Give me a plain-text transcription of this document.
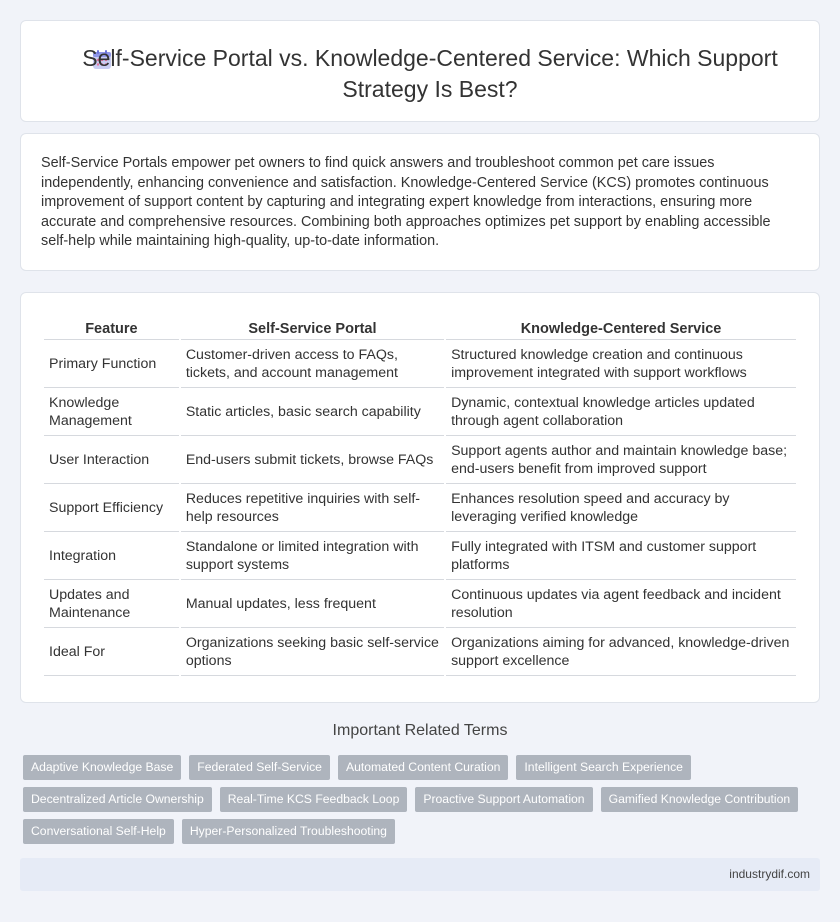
Self-Service Portal vs. Knowledge-Centered Service: Which Support Strategy Is Best?
Self-Service Portals empower pet owners to find quick answers and troubleshoot common pet care issues independently, enhancing convenience and satisfaction. Knowledge-Centered Service (KCS) promotes continuous improvement of support content by capturing and integrating expert knowledge from interactions, ensuring more accurate and comprehensive resources. Combining both approaches optimizes pet support by enabling accessible self-help while maintaining high-quality, up-to-date information.
Feature	Self-Service Portal	Knowledge-Centered Service
Primary Function	Customer-driven access to FAQs, tickets, and account management	Structured knowledge creation and continuous improvement integrated with support workflows
Knowledge Management	Static articles, basic search capability	Dynamic, contextual knowledge articles updated through agent collaboration
User Interaction	End-users submit tickets, browse FAQs	Support agents author and maintain knowledge base; end-users benefit from improved support
Support Efficiency	Reduces repetitive inquiries with self-help resources	Enhances resolution speed and accuracy by leveraging verified knowledge
Integration	Standalone or limited integration with support systems	Fully integrated with ITSM and customer support platforms
Updates and Maintenance	Manual updates, less frequent	Continuous updates via agent feedback and incident resolution
Ideal For	Organizations seeking basic self-service options	Organizations aiming for advanced, knowledge-driven support excellence
Important Related Terms
Adaptive Knowledge Base	Federated Self-Service	Automated Content Curation	Intelligent Search Experience
Decentralized Article Ownership	Real-Time KCS Feedback Loop	Proactive Support Automation	Gamified Knowledge Contribution
Conversational Self-Help	Hyper-Personalized Troubleshooting
industrydif.com
